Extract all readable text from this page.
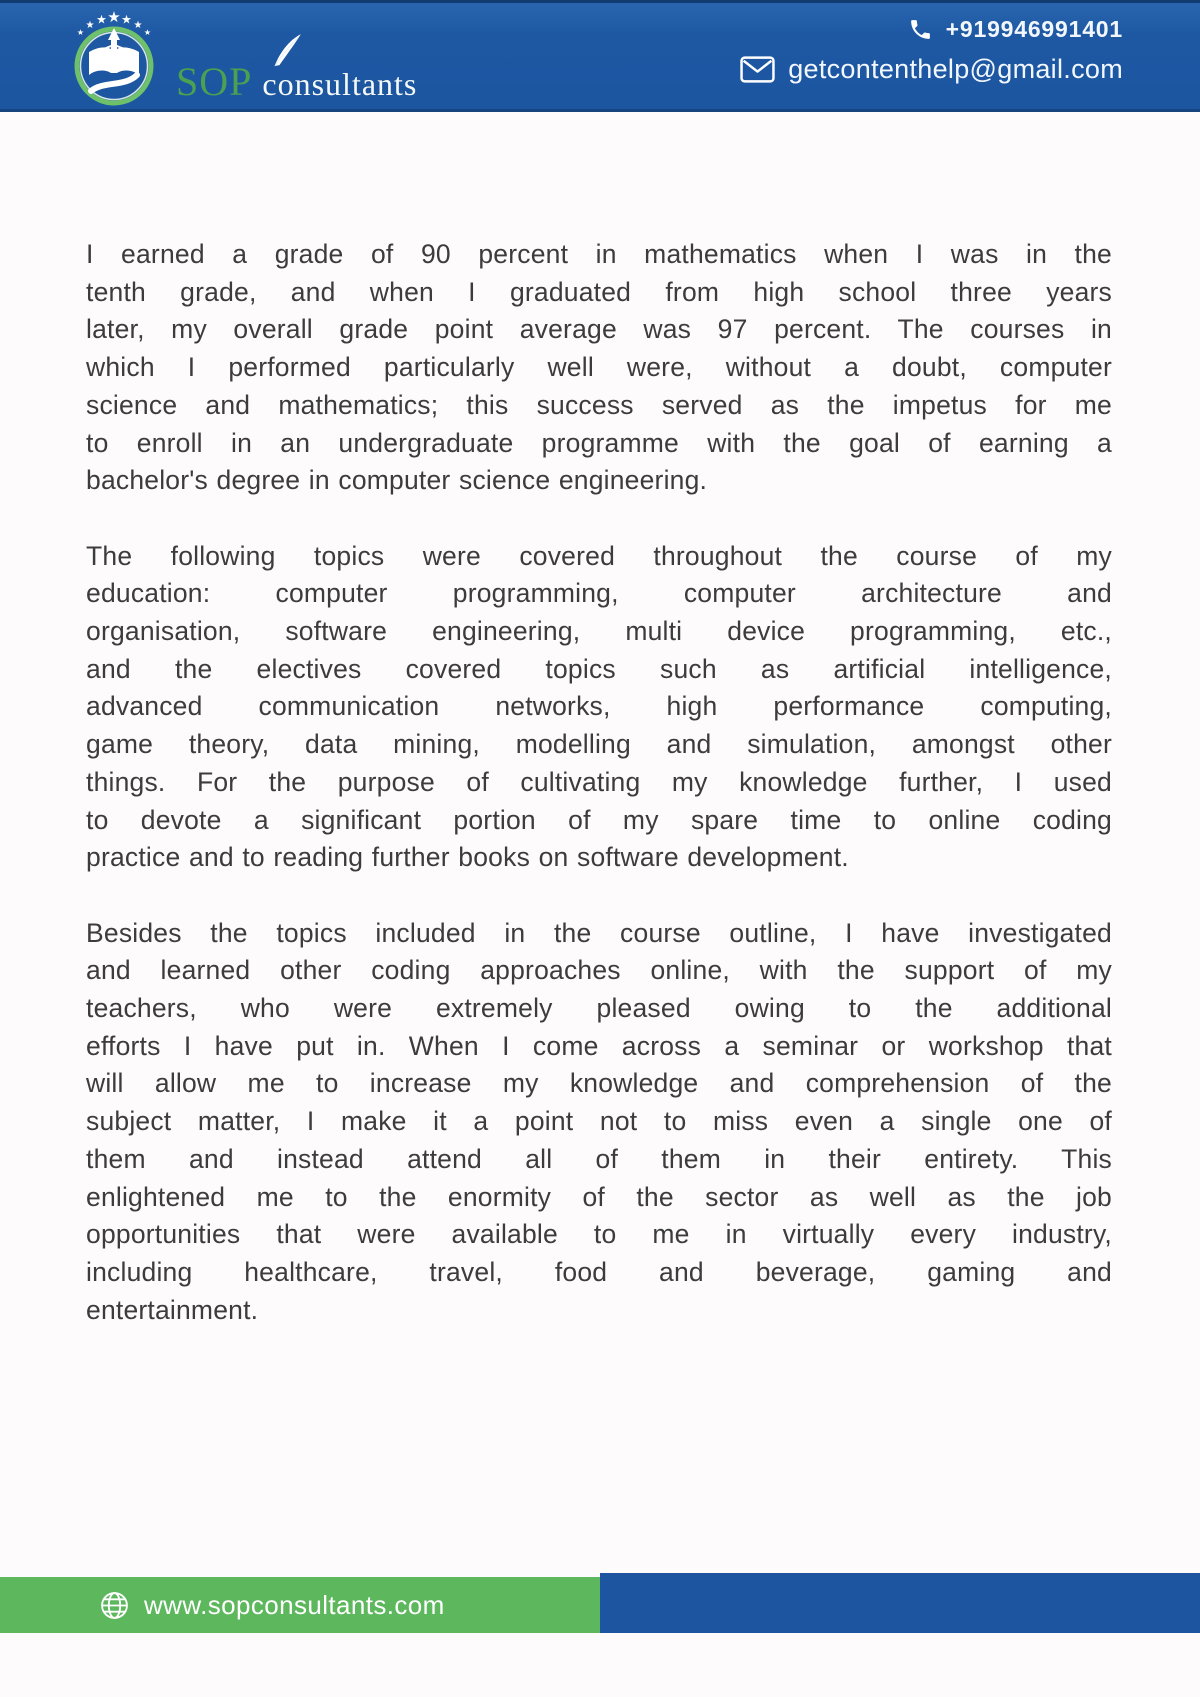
★ ★
★	★
★
★
★
SOP consultants
+919946991401
getcontenthelp@gmail.com
I earned a grade of 90 percent in mathematics when I was in the
tenth grade, and when I graduated from high school three years
later, my overall grade point average was 97 percent. The courses in
which I performed particularly well were, without a doubt, computer
science and mathematics; this success served as the impetus for me
to enroll in an undergraduate programme with the goal of earning a
bachelor's degree in computer science engineering.
The following topics were covered throughout the course of my
education: computer programming, computer architecture and
organisation, software engineering, multi device programming, etc.,
and the electives covered topics such as artificial intelligence,
advanced communication networks, high performance computing,
game theory, data mining, modelling and simulation, amongst other
things. For the purpose of cultivating my knowledge further, I used
to devote a significant portion of my spare time to online coding
practice and to reading further books on software development.
Besides the topics included in the course outline, I have investigated
and learned other coding approaches online, with the support of my
teachers, who were extremely pleased owing to the additional
efforts I have put in. When I come across a seminar or workshop that
will allow me to increase my knowledge and comprehension of the
subject matter, I make it a point not to miss even a single one of
them and instead attend all of them in their entirety. This
enlightened me to the enormity of the sector as well as the job
opportunities that were available to me in virtually every industry,
including healthcare, travel, food and beverage, gaming and
entertainment.
www.sopconsultants.com
